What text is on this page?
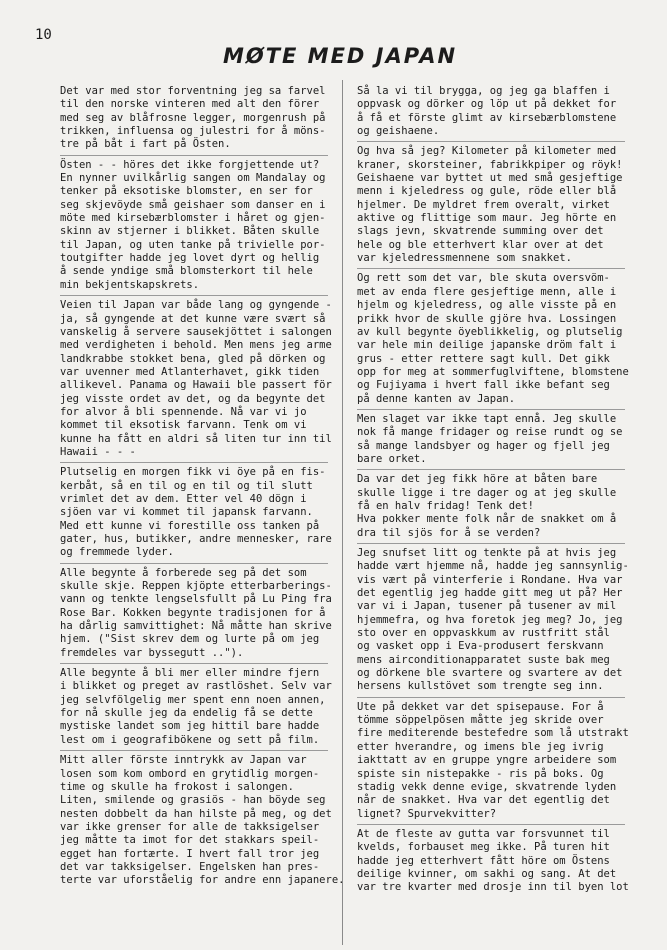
10
MØTE MED JAPAN

Det var med stor forventning jeg sa farvel
til den norske vinteren med alt den förer
med seg av blåfrosne legger, morgenrush på
trikken, influensa og julestri for å möns-
tre på båt i fart på Östen.

Östen - - höres det ikke forgjettende ut?
En nynner uvilkårlig sangen om Mandalay og
tenker på eksotiske blomster, en ser for
seg skjevöyde små geishaer som danser en i
möte med kirsebærblomster i håret og gjen-
skinn av stjerner i blikket. Båten skulle
til Japan, og uten tanke på trivielle por-
toutgifter hadde jeg lovet dyrt og hellig
å sende yndige små blomsterkort til hele
min bekjentskapskrets.

Veien til Japan var både lang og gyngende -
ja, så gyngende at det kunne være svært så
vanskelig å servere sausekjöttet i salongen
med verdigheten i behold. Men mens jeg arme
landkrabbe stokket bena, gled på dörken og
var uvenner med Atlanterhavet, gikk tiden
allikevel. Panama og Hawaii ble passert för
jeg visste ordet av det, og da begynte det
for alvor å bli spennende. Nå var vi jo
kommet til eksotisk farvann. Tenk om vi
kunne ha fått en aldri så liten tur inn til
Hawaii - - -

Plutselig en morgen fikk vi öye på en fis-
kerbåt, så en til og en til og til slutt
vrimlet det av dem. Etter vel 40 dögn i
sjöen var vi kommet til japansk farvann.
Med ett kunne vi forestille oss tanken på
gater, hus, butikker, andre mennesker, rare
og fremmede lyder.

Alle begynte å forberede seg på det som
skulle skje. Reppen kjöpte etterbarberings-
vann og tenkte lengselsfullt på Lu Ping fra
Rose Bar. Kokken begynte tradisjonen for å
ha dårlig samvittighet: Nå måtte han skrive
hjem. ("Sist skrev dem og lurte på om jeg
fremdeles var byssegutt ..").

Alle begynte å bli mer eller mindre fjern
i blikket og preget av rastlöshet. Selv var
jeg selvfölgelig mer spent enn noen annen,
for nå skulle jeg da endelig få se dette
mystiske landet som jeg hittil bare hadde
lest om i geografibökene og sett på film.

Mitt aller förste inntrykk av Japan var
losen som kom ombord en grytidlig morgen-
time og skulle ha frokost i salongen.
Liten, smilende og grasiös - han böyde seg
nesten dobbelt da han hilste på meg, og det
var ikke grenser for alle de takksigelser
jeg måtte ta imot for det stakkars speil-
egget han fortærte. I hvert fall tror jeg
det var takksigelser. Engelsken han pres-
terte var uforståelig for andre enn japanere.

Så la vi til brygga, og jeg ga blaffen i
oppvask og dörker og löp ut på dekket for
å få et förste glimt av kirsebærblomstene
og geishaene.

Og hva så jeg? Kilometer på kilometer med
kraner, skorsteiner, fabrikkpiper og röyk!
Geishaene var byttet ut med små gesjeftige
menn i kjeledress og gule, röde eller blå
hjelmer. De myldret frem overalt, virket
aktive og flittige som maur. Jeg hörte en
slags jevn, skvatrende summing over det
hele og ble etterhvert klar over at det
var kjeledressmennene som snakket.

Og rett som det var, ble skuta oversvöm-
met av enda flere gesjeftige menn, alle i
hjelm og kjeledress, og alle visste på en
prikk hvor de skulle gjöre hva. Lossingen
av kull begynte öyeblikkelig, og plutselig
var hele min deilige japanske dröm falt i
grus - etter rettere sagt kull. Det gikk
opp for meg at sommerfuglviftene, blomstene
og Fujiyama i hvert fall ikke befant seg
på denne kanten av Japan.

Men slaget var ikke tapt ennå. Jeg skulle
nok få mange fridager og reise rundt og se
så mange landsbyer og hager og fjell jeg
bare orket.

Da var det jeg fikk höre at båten bare
skulle ligge i tre dager og at jeg skulle
få en halv fridag! Tenk det!
Hva pokker mente folk når de snakket om å
dra til sjös for å se verden?

Jeg snufset litt og tenkte på at hvis jeg
hadde vært hjemme nå, hadde jeg sannsynlig-
vis vært på vinterferie i Rondane. Hva var
det egentlig jeg hadde gitt meg ut på? Her
var vi i Japan, tusener på tusener av mil
hjemmefra, og hva foretok jeg meg? Jo, jeg
sto over en oppvaskkum av rustfritt stål
og vasket opp i Eva-produsert ferskvann
mens airconditionapparatet suste bak meg
og dörkene ble svartere og svartere av det
hersens kullstövet som trengte seg inn.

Ute på dekket var det spisepause. For å
tömme söppelpösen måtte jeg skride over
fire mediterende bestefedre som lå utstrakt
etter hverandre, og imens ble jeg ivrig
iakttatt av en gruppe yngre arbeidere som
spiste sin nistepakke - ris på boks. Og
stadig vekk denne evige, skvatrende lyden
når de snakket. Hva var det egentlig det
lignet? Spurvekvitter?

At de fleste av gutta var forsvunnet til
kvelds, forbauset meg ikke. På turen hit
hadde jeg etterhvert fått höre om Östens
deilige kvinner, om sakhi og sang. At det
var tre kvarter med drosje inn til byen lot
